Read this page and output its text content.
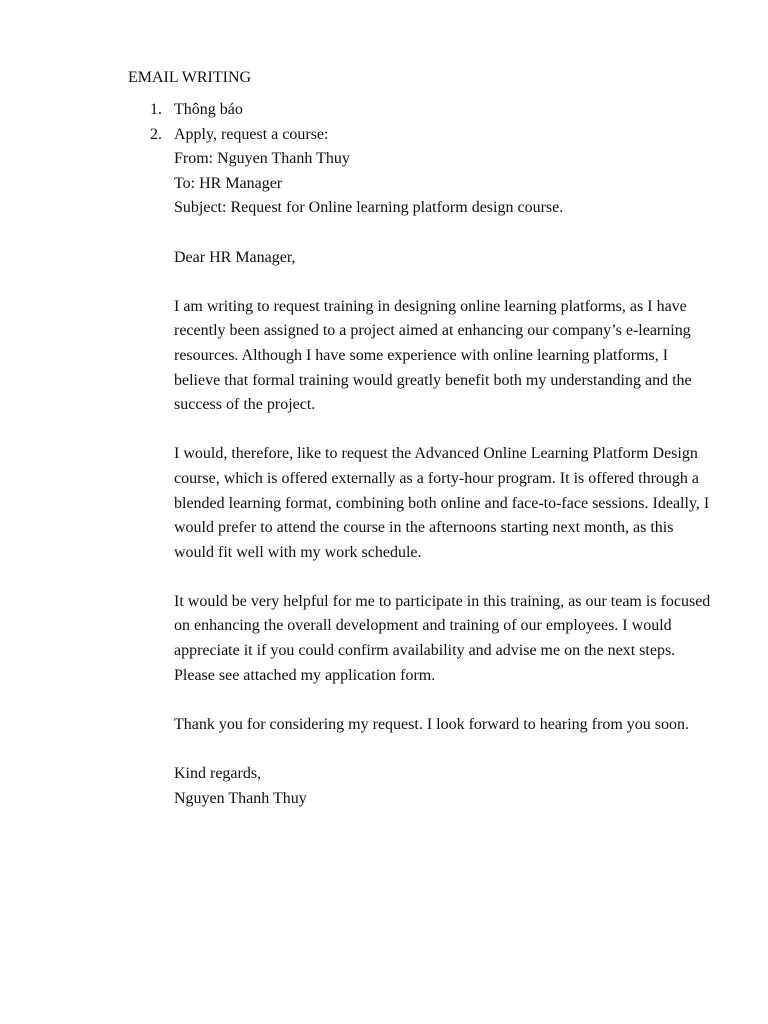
EMAIL WRITING
1. Thông báo
2. Apply, request a course:
From: Nguyen Thanh Thuy
To: HR Manager
Subject: Request for Online learning platform design course.
Dear HR Manager,
I am writing to request training in designing online learning platforms, as I have recently been assigned to a project aimed at enhancing our company’s e-learning resources. Although I have some experience with online learning platforms, I believe that formal training would greatly benefit both my understanding and the success of the project.
I would, therefore, like to request the Advanced Online Learning Platform Design course, which is offered externally as a forty-hour program. It is offered through a blended learning format, combining both online and face-to-face sessions. Ideally, I would prefer to attend the course in the afternoons starting next month, as this would fit well with my work schedule.
It would be very helpful for me to participate in this training, as our team is focused on enhancing the overall development and training of our employees. I would appreciate it if you could confirm availability and advise me on the next steps. Please see attached my application form.
Thank you for considering my request. I look forward to hearing from you soon.
Kind regards,
Nguyen Thanh Thuy
